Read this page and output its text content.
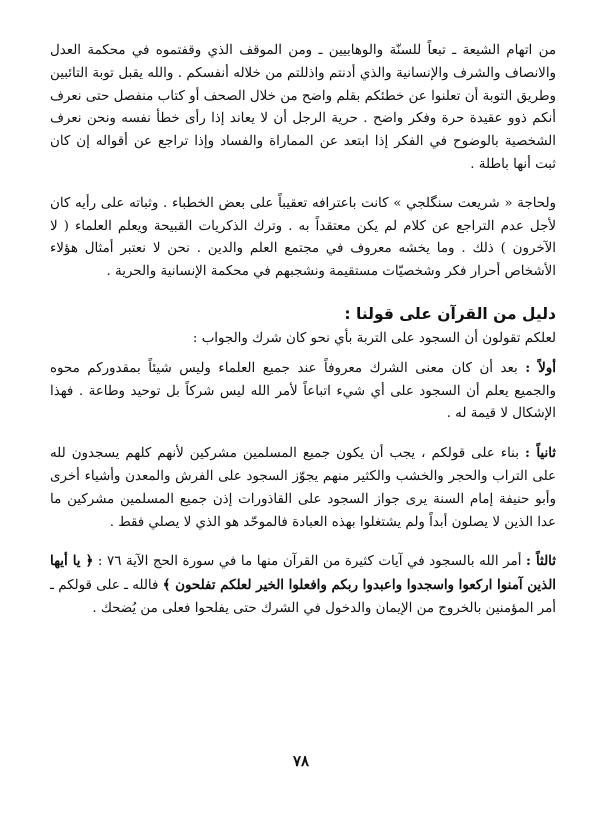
من اتهام الشيعة ـ تبعاً للسنّة والوهابيين ـ ومن الموقف الذي وقفتموه في محكمة العدل والانصاف والشرف والإنسانية والذي أدنتم واذللتم من خلاله أنفسكم . والله يقبل توبة التائبين وطريق التوبة أن تعلنوا عن خطئكم بقلم واضح من خلال الصحف أو كتاب منفصل حتى نعرف أنكم ذوو عقيدة حرة وفكر واضح . حرية الرجل أن لا يعاند إذا رأى خطأ نفسه ونحن نعرف الشخصية بالوضوح في الفكر إذا ابتعد عن المماراة والفساد وإذا تراجع عن أقواله إن كان ثبت أنها باطلة .

ولحاجة « شريعت سنگلجي » كانت باعترافه تعقيباً على بعض الخطباء . وثباته على رأيه كان لأجل عدم التراجع عن كلام لم يكن معتقداً به . وترك الذكريات القبيحة ويعلم العلماء ( لا الآخرون ) ذلك . وما يخشه معروف في مجتمع العلم والدين . نحن لا نعتبر أمثال هؤلاء الأشخاص أحرار فكر وشخصيّات مستقيمة ونشجبهم في محكمة الإنسانية والحرية .

دليل من القرآن على قولنا :

لعلكم تقولون أن السجود على التربة بأي نحو كان شرك والجواب :

أولاً : بعد أن كان معنى الشرك معروفاً عند جميع العلماء وليس شيئاً بمقدوركم محوه والجميع يعلم أن السجود على أي شيء اتباعاً لأمر الله ليس شركاً بل توحيد وطاعة . فهذا الإشكال لا قيمة له .

ثانياً : بناء على قولكم ، يجب أن يكون جميع المسلمين مشركين لأنهم كلهم يسجدون لله على التراب والحجر والخشب والكثير منهم يجوّز السجود على الفرش والمعدن وأشياء أخرى وأبو حنيفة إمام السنة يرى جواز السجود على القاذورات إذن جميع المسلمين مشركين ما عدا الذين لا يصلون أبداً ولم يشتغلوا بهذه العبادة فالموحّد هو الذي لا يصلي فقط .

ثالثاً : أمر الله بالسجود في آيات كثيرة من القرآن منها ما في سورة الحج الآية ٧٦ : ﴿ يا أيها الذين آمنوا اركعوا واسجدوا واعبدوا ربكم وافعلوا الخير لعلكم تفلحون ﴾ فالله ـ على قولكم ـ أمر المؤمنين بالخروج من الإيمان والدخول في الشرك حتى يفلحوا فعلى من يُضحك .

٧٨
